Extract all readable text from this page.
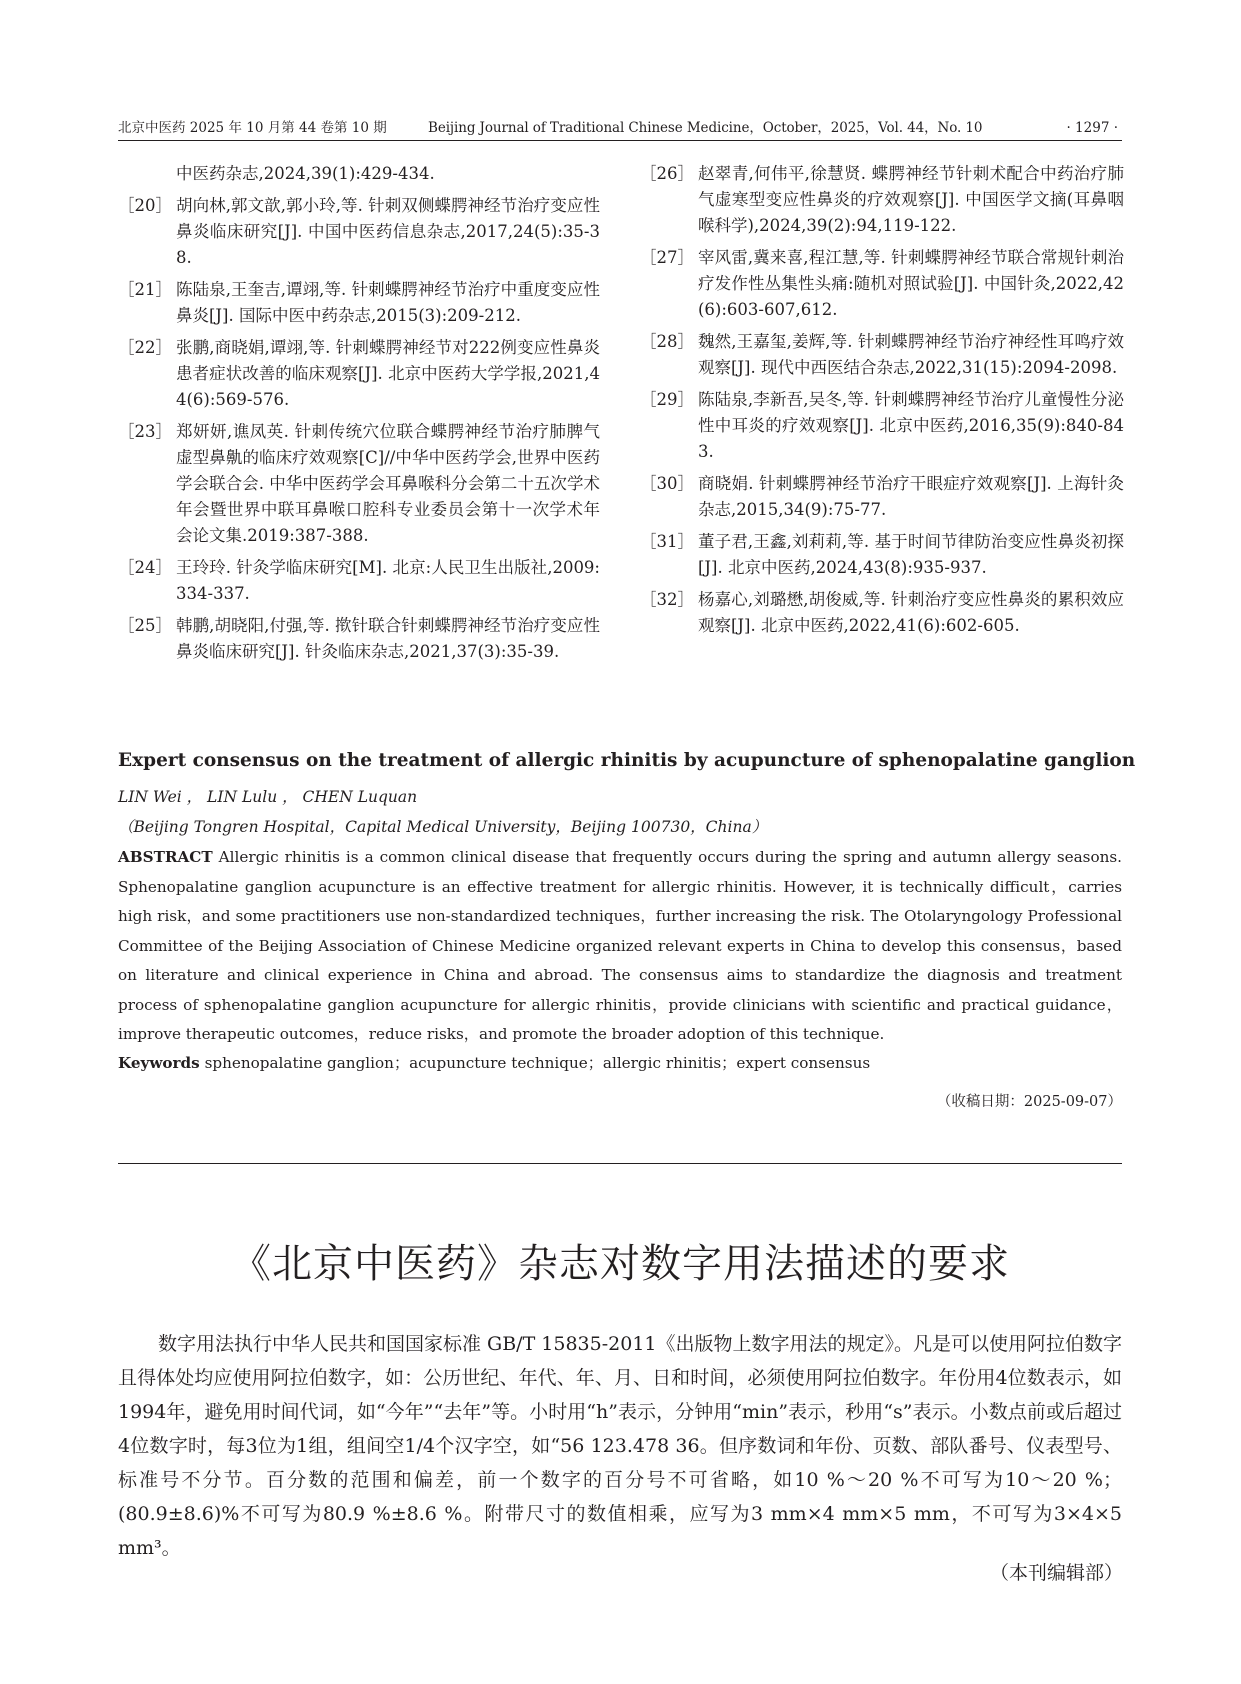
北京中医药 2025 年 10 月第 44 卷第 10 期	Beijing Journal of Traditional Chinese Medicine，October，2025，Vol. 44，No. 10	· 1297 ·
中医药杂志,2024,39(1):429-434.
［20］ 胡向林,郭文歆,郭小玲,等. 针刺双侧蝶腭神经节治疗变应性鼻炎临床研究[J]. 中国中医药信息杂志,2017,24(5):35-38.
［21］ 陈陆泉,王奎吉,谭翊,等. 针刺蝶腭神经节治疗中重度变应性鼻炎[J]. 国际中医中药杂志,2015(3):209-212.
［22］ 张鹏,商晓娟,谭翊,等. 针刺蝶腭神经节对222例变应性鼻炎患者症状改善的临床观察[J]. 北京中医药大学学报,2021,44(6):569-576.
［23］ 郑妍妍,谯凤英. 针刺传统穴位联合蝶腭神经节治疗肺脾气虚型鼻鼽的临床疗效观察[C]//中华中医药学会,世界中医药学会联合会. 中华中医药学会耳鼻喉科分会第二十五次学术年会暨世界中联耳鼻喉口腔科专业委员会第十一次学术年会论文集.2019:387-388.
［24］ 王玲玲. 针灸学临床研究[M]. 北京:人民卫生出版社,2009:334-337.
［25］ 韩鹏,胡晓阳,付强,等. 揿针联合针刺蝶腭神经节治疗变应性鼻炎临床研究[J]. 针灸临床杂志,2021,37(3):35-39.
［26］ 赵翠青,何伟平,徐慧贤. 蝶腭神经节针刺术配合中药治疗肺气虚寒型变应性鼻炎的疗效观察[J]. 中国医学文摘(耳鼻咽喉科学),2024,39(2):94,119-122.
［27］ 宰风雷,冀来喜,程江慧,等. 针刺蝶腭神经节联合常规针刺治疗发作性丛集性头痛:随机对照试验[J]. 中国针灸,2022,42(6):603-607,612.
［28］ 魏然,王嘉玺,姜辉,等. 针刺蝶腭神经节治疗神经性耳鸣疗效观察[J]. 现代中西医结合杂志,2022,31(15):2094-2098.
［29］ 陈陆泉,李新吾,吴冬,等. 针刺蝶腭神经节治疗儿童慢性分泌性中耳炎的疗效观察[J]. 北京中医药,2016,35(9):840-843.
［30］ 商晓娟. 针刺蝶腭神经节治疗干眼症疗效观察[J]. 上海针灸杂志,2015,34(9):75-77.
［31］ 董子君,王鑫,刘莉莉,等. 基于时间节律防治变应性鼻炎初探[J]. 北京中医药,2024,43(8):935-937.
［32］ 杨嘉心,刘璐懋,胡俊威,等. 针刺治疗变应性鼻炎的累积效应观察[J]. 北京中医药,2022,41(6):602-605.
Expert consensus on the treatment of allergic rhinitis by acupuncture of sphenopalatine ganglion
LIN Wei ， LIN Lulu ， CHEN Luquan
（Beijing Tongren Hospital，Capital Medical University，Beijing 100730，China）
ABSTRACT Allergic rhinitis is a common clinical disease that frequently occurs during the spring and autumn allergy seasons. Sphenopalatine ganglion acupuncture is an effective treatment for allergic rhinitis. However, it is technically difficult，carries high risk，and some practitioners use non-standardized techniques，further increasing the risk. The Otolaryngology Professional Committee of the Beijing Association of Chinese Medicine organized relevant experts in China to develop this consensus，based on literature and clinical experience in China and abroad. The consensus aims to standardize the diagnosis and treatment process of sphenopalatine ganglion acupuncture for allergic rhinitis，provide clinicians with scientific and practical guidance，improve therapeutic outcomes，reduce risks，and promote the broader adoption of this technique.
Keywords sphenopalatine ganglion；acupuncture technique；allergic rhinitis；expert consensus
（收稿日期：2025-09-07）
《北京中医药》杂志对数字用法描述的要求
数字用法执行中华人民共和国国家标准 GB/T 15835-2011《出版物上数字用法的规定》。凡是可以使用阿拉伯数字且得体处均应使用阿拉伯数字，如：公历世纪、年代、年、月、日和时间，必须使用阿拉伯数字。年份用4位数表示，如1994年，避免用时间代词，如“今年”“去年”等。小时用“h”表示，分钟用“min”表示，秒用“s”表示。小数点前或后超过4位数字时，每3位为1组，组间空1/4个汉字空，如“56 123.478 36。但序数词和年份、页数、部队番号、仪表型号、标准号不分节。百分数的范围和偏差，前一个数字的百分号不可省略，如10 %～20 %不可写为10～20 %；(80.9±8.6)%不可写为80.9 %±8.6 %。附带尺寸的数值相乘，应写为3 mm×4 mm×5 mm，不可写为3×4×5 mm³。
（本刊编辑部）
